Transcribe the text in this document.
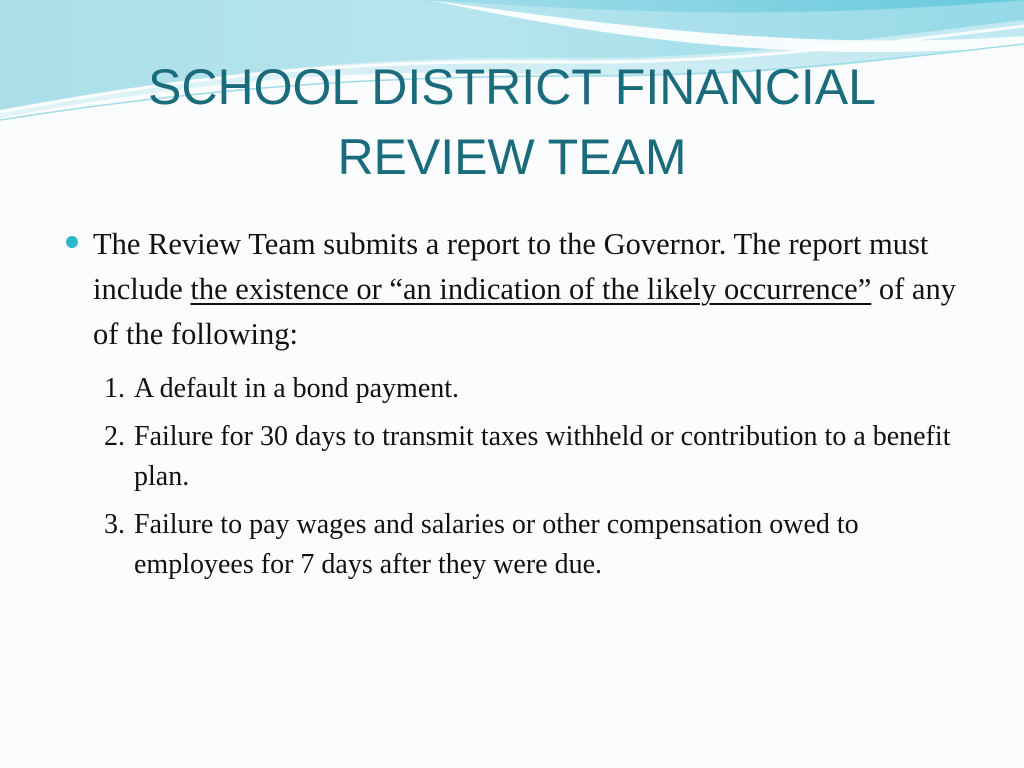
SCHOOL DISTRICT FINANCIAL
REVIEW TEAM
The Review Team submits a report to the Governor. The report must include the existence or “an indication of the likely occurrence” of any of the following:
1. A default in a bond payment.
2. Failure for 30 days to transmit taxes withheld or contribution to a benefit plan.
3. Failure to pay wages and salaries or other compensation owed to employees for 7 days after they were due.
